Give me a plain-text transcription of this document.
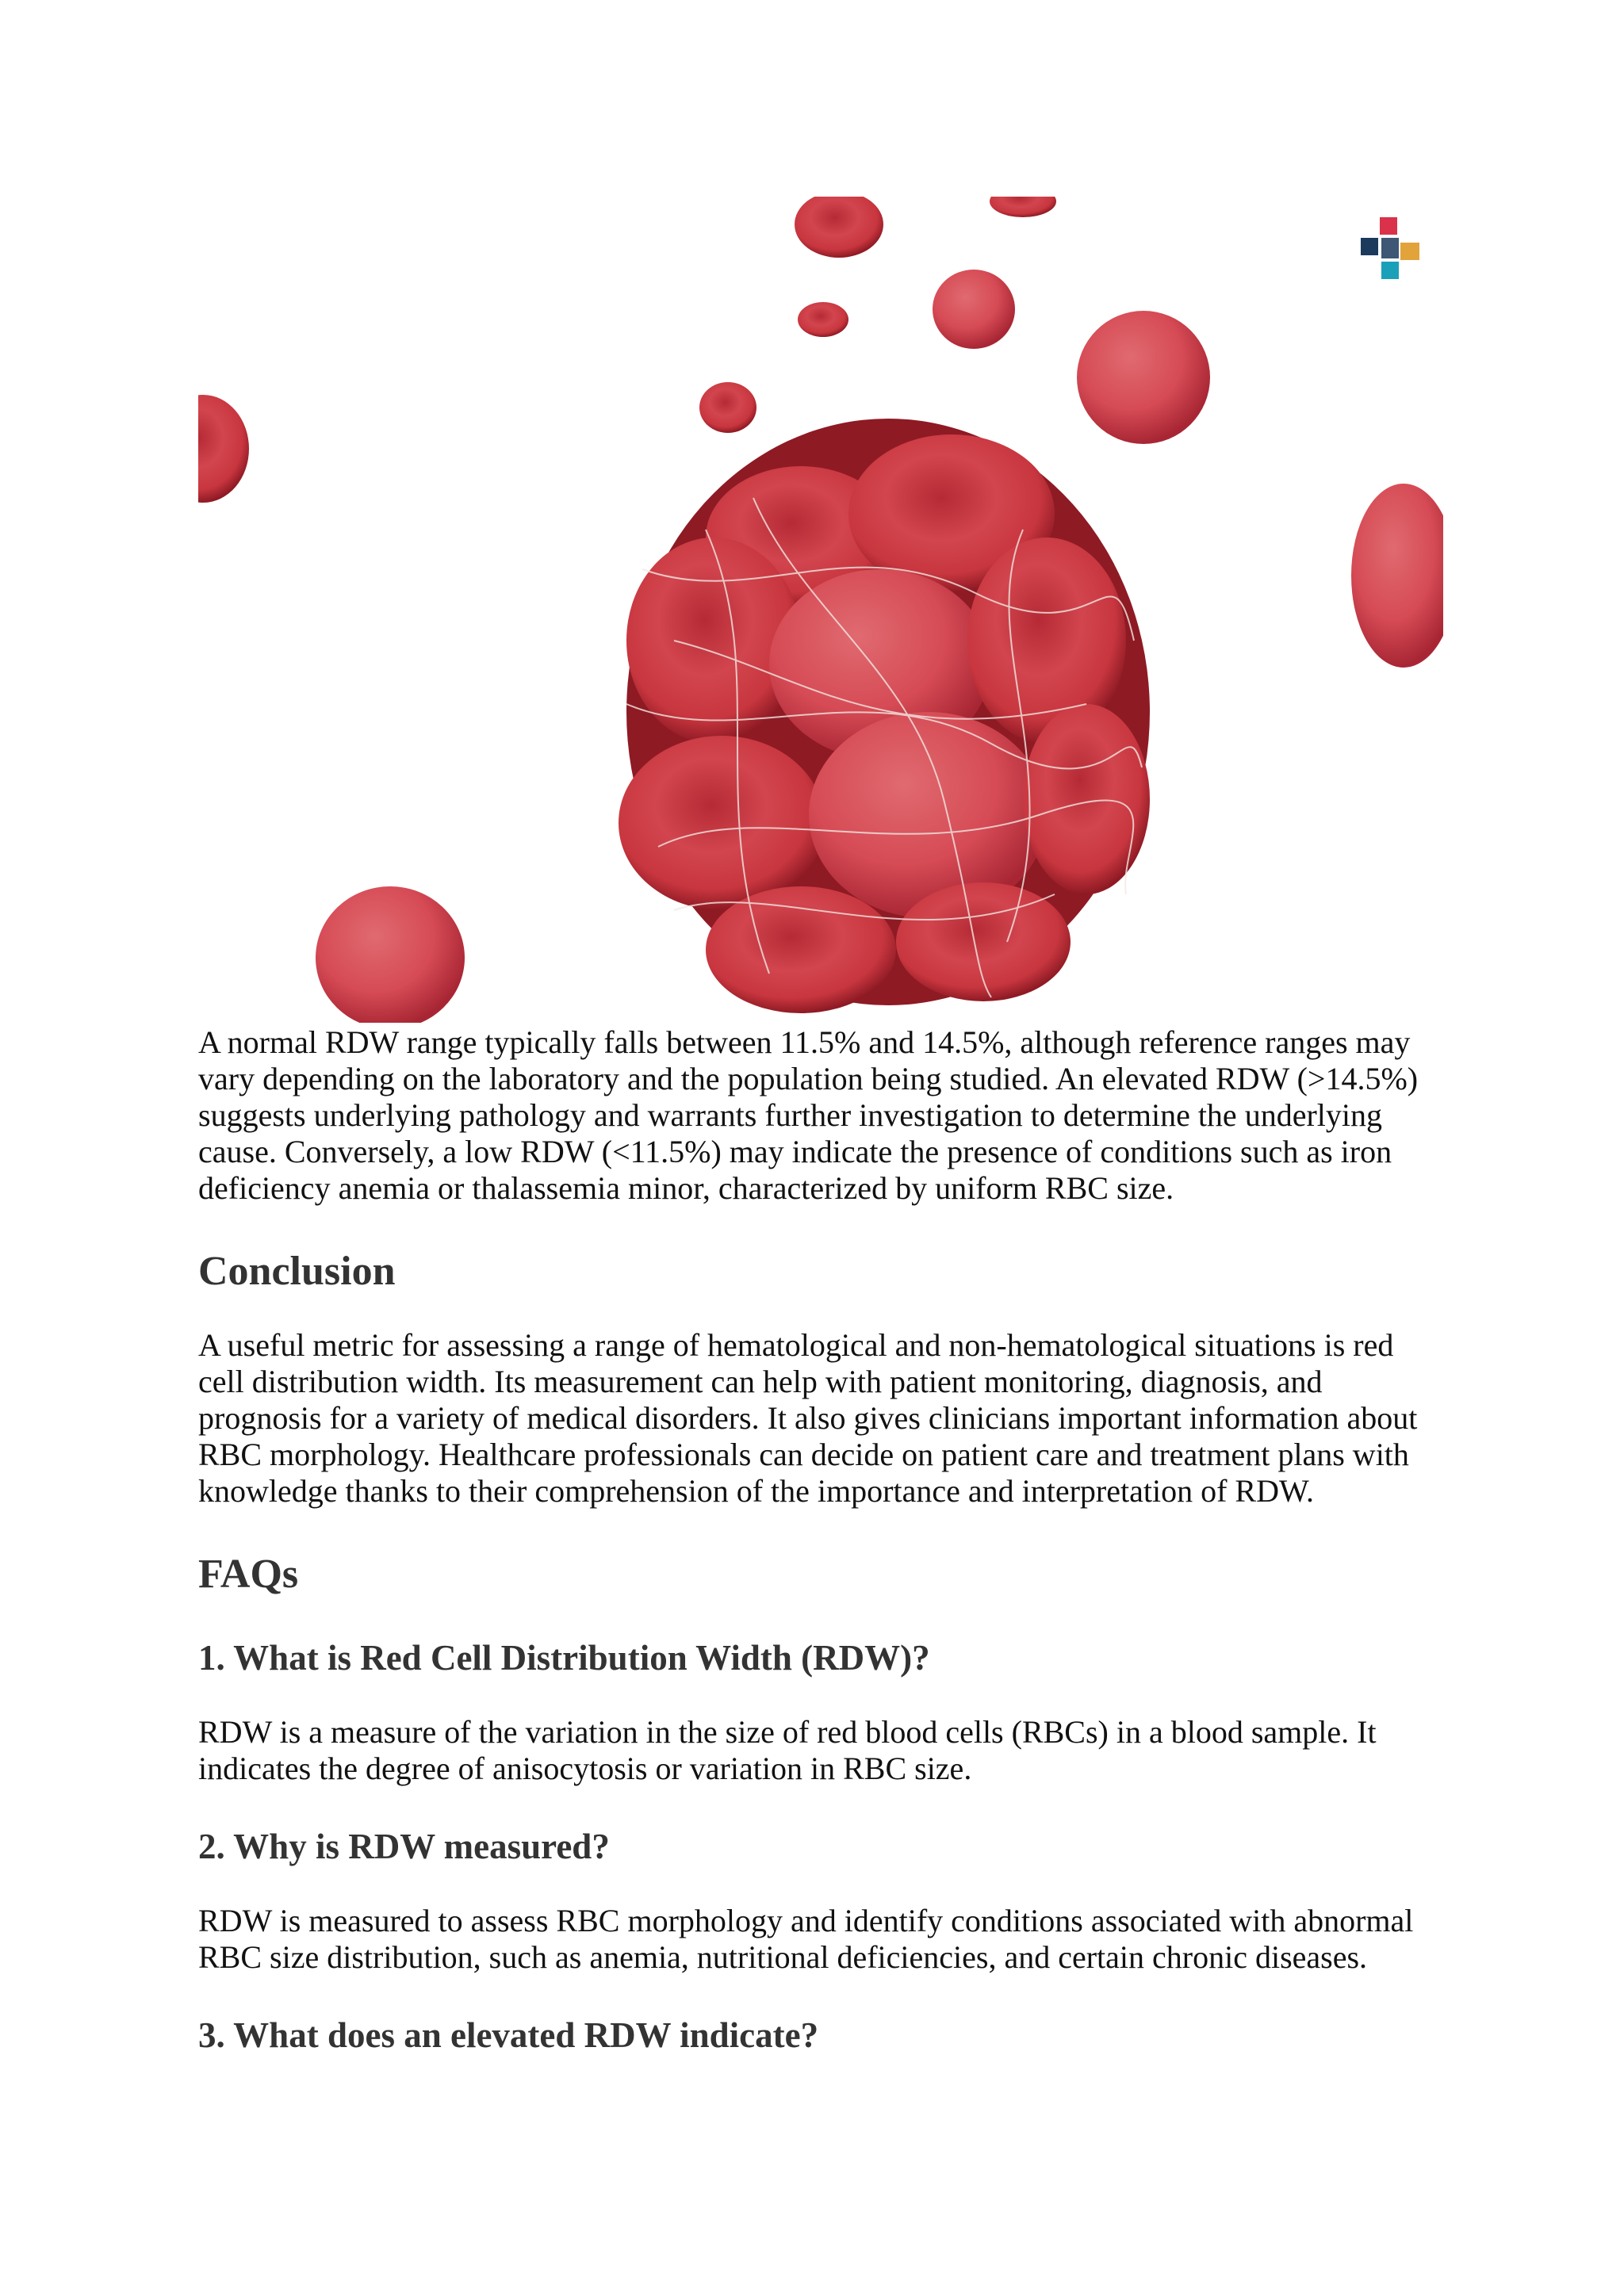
A normal RDW range typically falls between 11.5% and 14.5%, although reference ranges may vary depending on the laboratory and the population being studied. An elevated RDW (>14.5%) suggests underlying pathology and warrants further investigation to determine the underlying cause. Conversely, a low RDW (<11.5%) may indicate the presence of conditions such as iron deficiency anemia or thalassemia minor, characterized by uniform RBC size.

Conclusion

A useful metric for assessing a range of hematological and non-hematological situations is red cell distribution width. Its measurement can help with patient monitoring, diagnosis, and prognosis for a variety of medical disorders. It also gives clinicians important information about RBC morphology. Healthcare professionals can decide on patient care and treatment plans with knowledge thanks to their comprehension of the importance and interpretation of RDW.

FAQs
1. What is Red Cell Distribution Width (RDW)?

RDW is a measure of the variation in the size of red blood cells (RBCs) in a blood sample. It indicates the degree of anisocytosis or variation in RBC size.

2. Why is RDW measured?

RDW is measured to assess RBC morphology and identify conditions associated with abnormal RBC size distribution, such as anemia, nutritional deficiencies, and certain chronic diseases.

3. What does an elevated RDW indicate?
